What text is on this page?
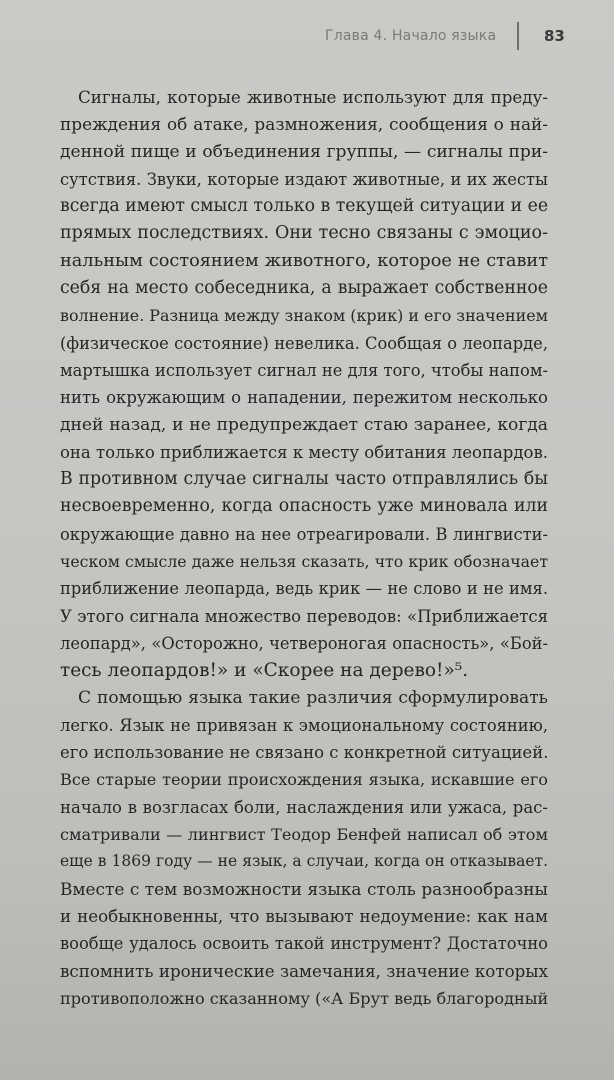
Глава 4. Начало языка	83
Сигналы, которые животные используют для преду-
преждения об атаке, размножения, сообщения о най-
денной пище и объединения группы, — сигналы при-
сутствия. Звуки, которые издают животные, и их жесты
всегда имеют смысл только в текущей ситуации и ее
прямых последствиях. Они тесно связаны с эмоцио-
нальным состоянием животного, которое не ставит
себя на место собеседника, а выражает собственное
волнение. Разница между знаком (крик) и его значением
(физическое состояние) невелика. Сообщая о леопарде,
мартышка использует сигнал не для того, чтобы напом-
нить окружающим о нападении, пережитом несколько
дней назад, и не предупреждает стаю заранее, когда
она только приближается к месту обитания леопардов.
В противном случае сигналы часто отправлялись бы
несвоевременно, когда опасность уже миновала или
окружающие давно на нее отреагировали. В лингвисти-
ческом смысле даже нельзя сказать, что крик обозначает
приближение леопарда, ведь крик — не слово и не имя.
У этого сигнала множество переводов: «Приближается
леопард», «Осторожно, четвероногая опасность», «Бой-
тесь леопардов!» и «Скорее на дерево!»⁵.
С помощью языка такие различия сформулировать
легко. Язык не привязан к эмоциональному состоянию,
его использование не связано с конкретной ситуацией.
Все старые теории происхождения языка, искавшие его
начало в возгласах боли, наслаждения или ужаса, рас-
сматривали — лингвист Теодор Бенфей написал об этом
еще в 1869 году — не язык, а случаи, когда он отказывает.
Вместе с тем возможности языка столь разнообразны
и необыкновенны, что вызывают недоумение: как нам
вообще удалось освоить такой инструмент? Достаточно
вспомнить иронические замечания, значение которых
противоположно сказанному («А Брут ведь благородный
